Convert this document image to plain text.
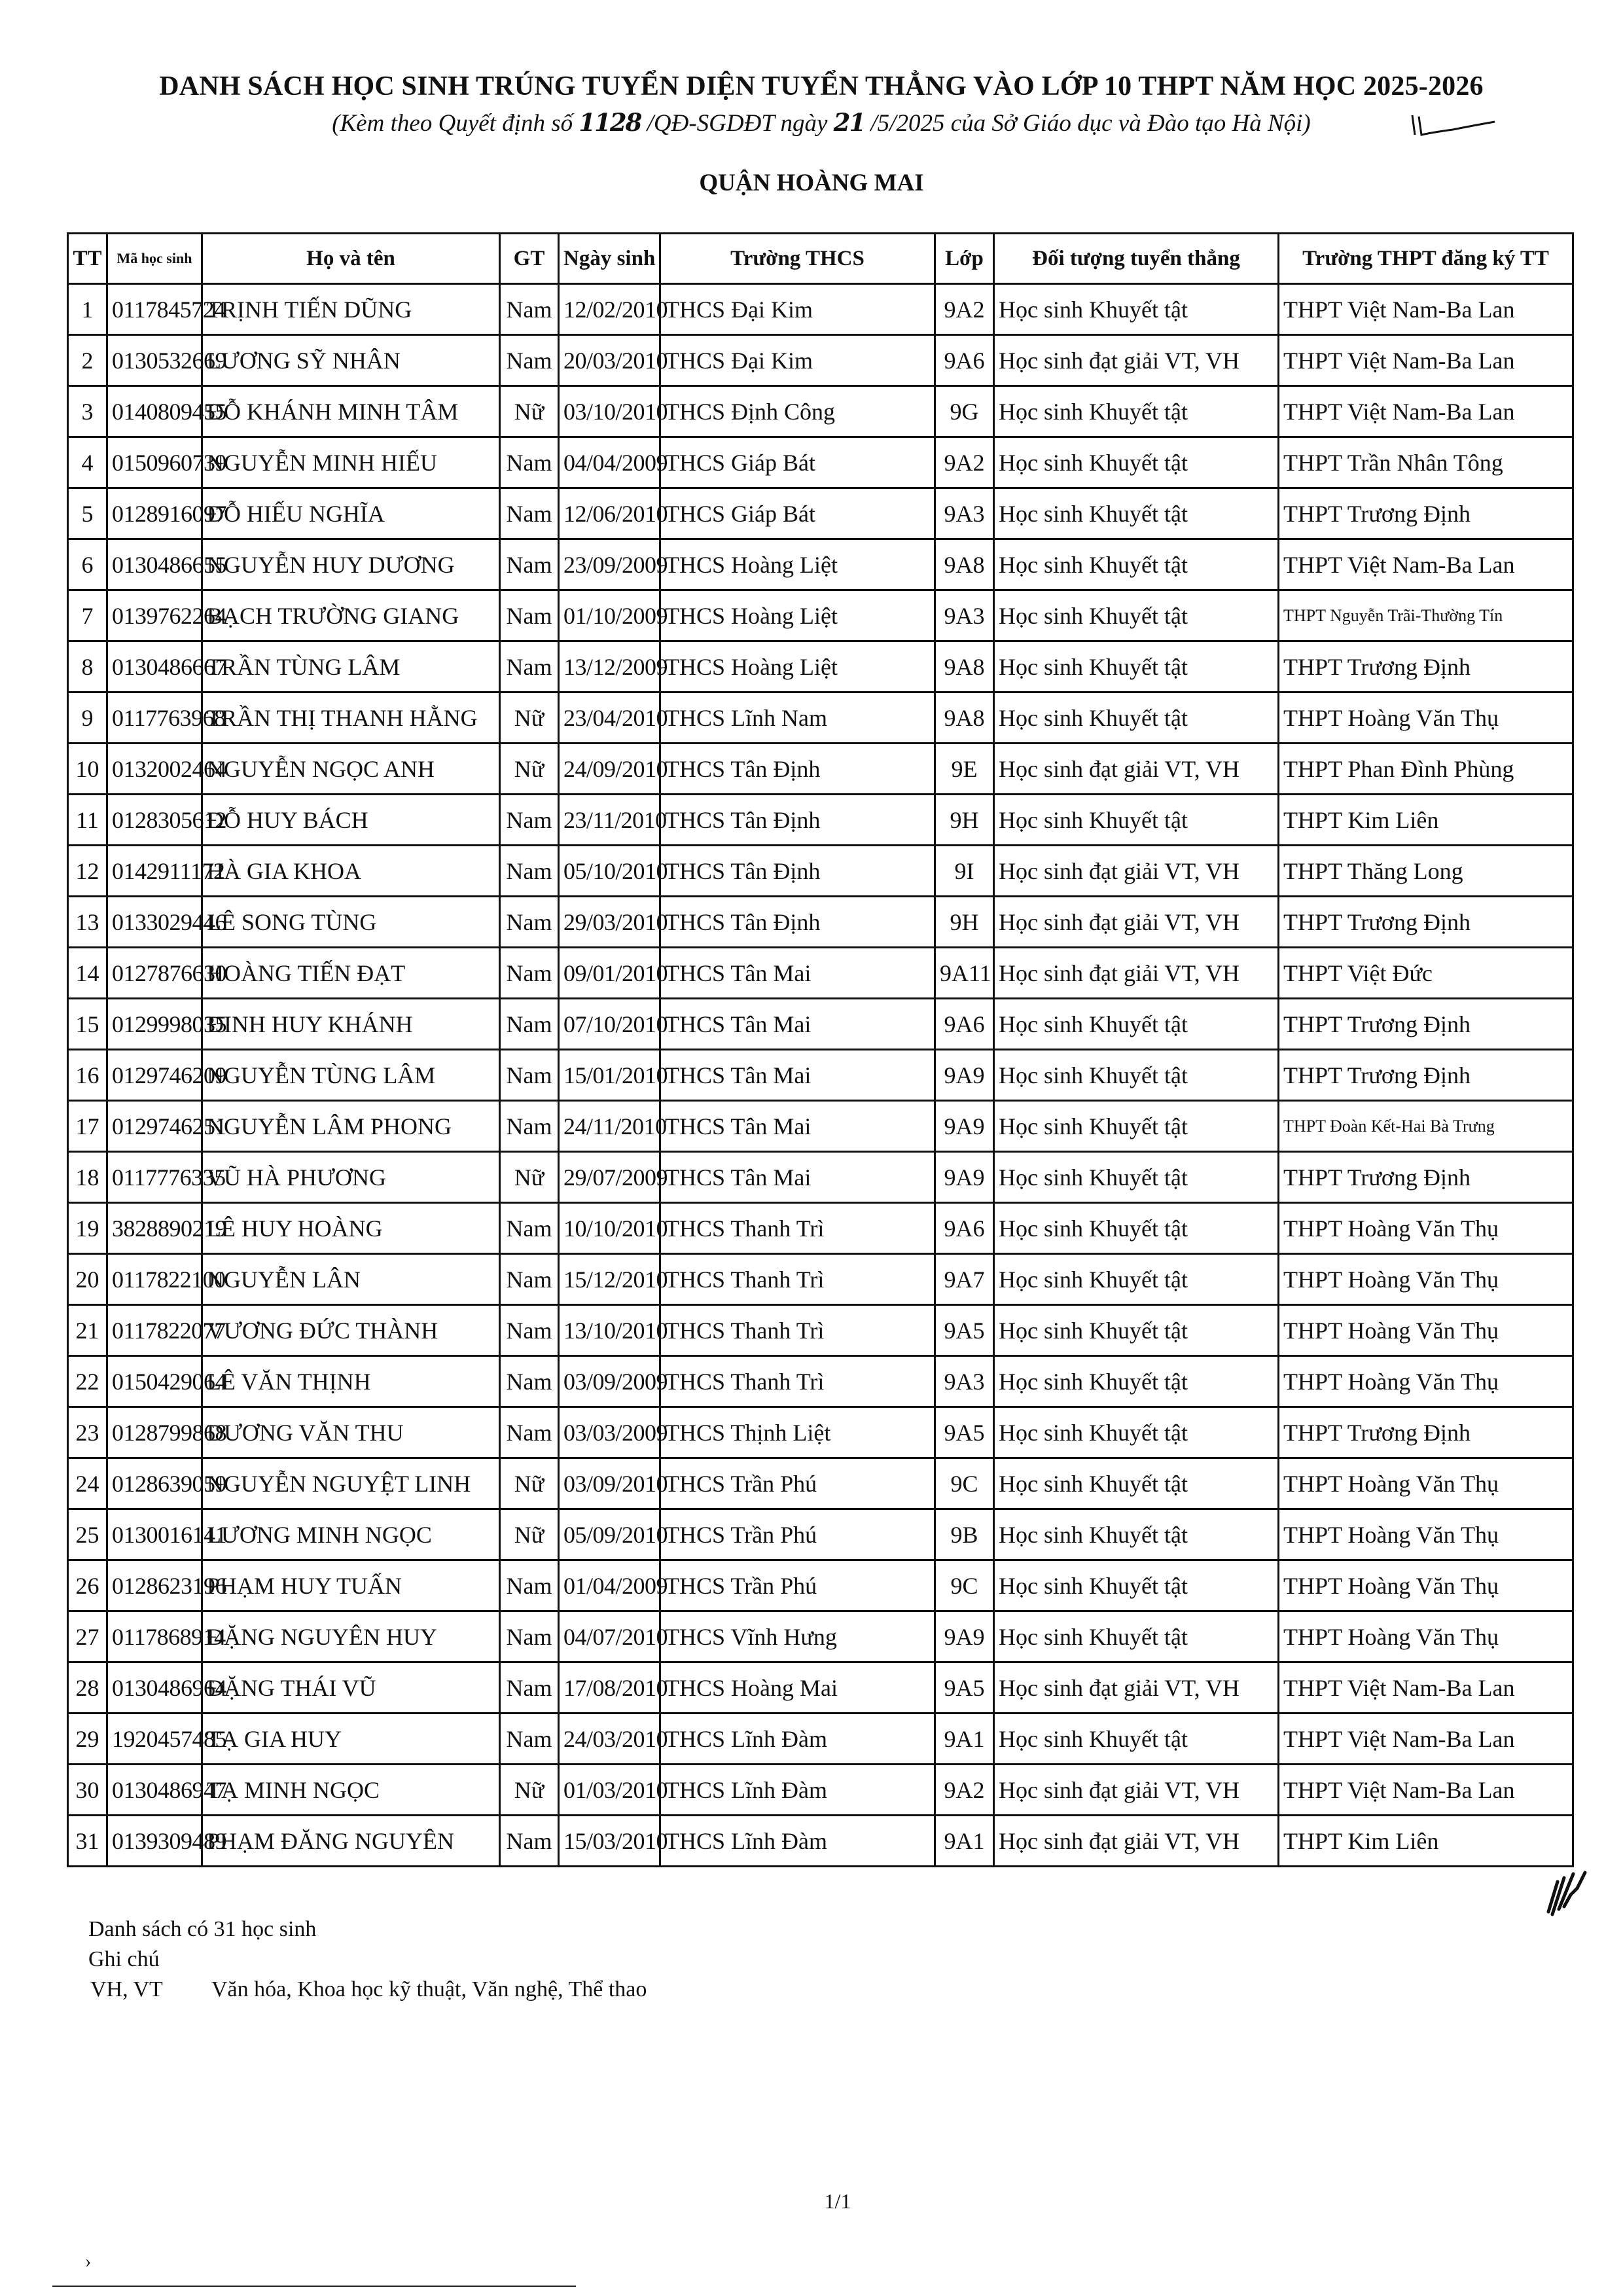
DANH SÁCH HỌC SINH TRÚNG TUYỂN DIỆN TUYỂN THẲNG VÀO LỚP 10 THPT NĂM HỌC 2025-2026
(Kèm theo Quyết định số 1128 /QĐ-SGDĐT ngày 21 /5/2025 của Sở Giáo dục và Đào tạo Hà Nội)
QUẬN HOÀNG MAI
TT	Mã học sinh	Họ và tên	GT	Ngày sinh	Trường THCS	Lớp	Đối tượng tuyển thẳng	Trường THPT đăng ký TT
1	0117845724	TRỊNH TIẾN DŨNG	Nam	12/02/2010	THCS Đại Kim	9A2	Học sinh Khuyết tật	THPT Việt Nam-Ba Lan
2	0130532669	LƯƠNG SỸ NHÂN	Nam	20/03/2010	THCS Đại Kim	9A6	Học sinh đạt giải VT, VH	THPT Việt Nam-Ba Lan
3	0140809455	ĐỖ KHÁNH MINH TÂM	Nữ	03/10/2010	THCS Định Công	9G	Học sinh Khuyết tật	THPT Việt Nam-Ba Lan
4	0150960739	NGUYỄN MINH HIẾU	Nam	04/04/2009	THCS Giáp Bát	9A2	Học sinh Khuyết tật	THPT Trần Nhân Tông
5	0128916097	ĐỖ HIẾU NGHĨA	Nam	12/06/2010	THCS Giáp Bát	9A3	Học sinh Khuyết tật	THPT Trương Định
6	0130486655	NGUYỄN HUY DƯƠNG	Nam	23/09/2009	THCS Hoàng Liệt	9A8	Học sinh Khuyết tật	THPT Việt Nam-Ba Lan
7	0139762264	BẠCH TRƯỜNG GIANG	Nam	01/10/2009	THCS Hoàng Liệt	9A3	Học sinh Khuyết tật	THPT Nguyễn Trãi-Thường Tín
8	0130486667	TRẦN TÙNG LÂM	Nam	13/12/2009	THCS Hoàng Liệt	9A8	Học sinh Khuyết tật	THPT Trương Định
9	0117763968	TRẦN THỊ THANH HẰNG	Nữ	23/04/2010	THCS Lĩnh Nam	9A8	Học sinh Khuyết tật	THPT Hoàng Văn Thụ
10	0132002464	NGUYỄN NGỌC ANH	Nữ	24/09/2010	THCS Tân Định	9E	Học sinh đạt giải VT, VH	THPT Phan Đình Phùng
11	0128305612	ĐỖ HUY BÁCH	Nam	23/11/2010	THCS Tân Định	9H	Học sinh Khuyết tật	THPT Kim Liên
12	0142911172	HÀ GIA KHOA	Nam	05/10/2010	THCS Tân Định	9I	Học sinh đạt giải VT, VH	THPT Thăng Long
13	0133029446	LÊ SONG TÙNG	Nam	29/03/2010	THCS Tân Định	9H	Học sinh đạt giải VT, VH	THPT Trương Định
14	0127876630	HOÀNG TIẾN ĐẠT	Nam	09/01/2010	THCS Tân Mai	9A11	Học sinh đạt giải VT, VH	THPT Việt Đức
15	0129998035	ĐINH HUY KHÁNH	Nam	07/10/2010	THCS Tân Mai	9A6	Học sinh Khuyết tật	THPT Trương Định
16	0129746209	NGUYỄN TÙNG LÂM	Nam	15/01/2010	THCS Tân Mai	9A9	Học sinh Khuyết tật	THPT Trương Định
17	0129746251	NGUYỄN LÂM PHONG	Nam	24/11/2010	THCS Tân Mai	9A9	Học sinh Khuyết tật	THPT Đoàn Kết-Hai Bà Trưng
18	0117776335	VŨ HÀ PHƯƠNG	Nữ	29/07/2009	THCS Tân Mai	9A9	Học sinh Khuyết tật	THPT Trương Định
19	3828890219	LÊ HUY HOÀNG	Nam	10/10/2010	THCS Thanh Trì	9A6	Học sinh Khuyết tật	THPT Hoàng Văn Thụ
20	0117822100	NGUYỄN LÂN	Nam	15/12/2010	THCS Thanh Trì	9A7	Học sinh Khuyết tật	THPT Hoàng Văn Thụ
21	0117822077	VƯƠNG ĐỨC THÀNH	Nam	13/10/2010	THCS Thanh Trì	9A5	Học sinh Khuyết tật	THPT Hoàng Văn Thụ
22	0150429064	LÊ VĂN THỊNH	Nam	03/09/2009	THCS Thanh Trì	9A3	Học sinh Khuyết tật	THPT Hoàng Văn Thụ
23	0128799868	DƯƠNG VĂN THU	Nam	03/03/2009	THCS Thịnh Liệt	9A5	Học sinh Khuyết tật	THPT Trương Định
24	0128639059	NGUYỄN NGUYỆT LINH	Nữ	03/09/2010	THCS Trần Phú	9C	Học sinh Khuyết tật	THPT Hoàng Văn Thụ
25	0130016141	LƯƠNG MINH NGỌC	Nữ	05/09/2010	THCS Trần Phú	9B	Học sinh Khuyết tật	THPT Hoàng Văn Thụ
26	0128623196	PHẠM HUY TUẤN	Nam	01/04/2009	THCS Trần Phú	9C	Học sinh Khuyết tật	THPT Hoàng Văn Thụ
27	0117868914	ĐẶNG NGUYÊN HUY	Nam	04/07/2010	THCS Vĩnh Hưng	9A9	Học sinh Khuyết tật	THPT Hoàng Văn Thụ
28	0130486964	ĐẶNG THÁI VŨ	Nam	17/08/2010	THCS Hoàng Mai	9A5	Học sinh đạt giải VT, VH	THPT Việt Nam-Ba Lan
29	1920457485	TẠ GIA HUY	Nam	24/03/2010	THCS Lĩnh Đàm	9A1	Học sinh Khuyết tật	THPT Việt Nam-Ba Lan
30	0130486947	TẠ MINH NGỌC	Nữ	01/03/2010	THCS Lĩnh Đàm	9A2	Học sinh đạt giải VT, VH	THPT Việt Nam-Ba Lan
31	0139309489	PHẠM ĐĂNG NGUYÊN	Nam	15/03/2010	THCS Lĩnh Đàm	9A1	Học sinh đạt giải VT, VH	THPT Kim Liên
Danh sách có 31 học sinh
Ghi chú
VH, VT Văn hóa, Khoa học kỹ thuật, Văn nghệ, Thể thao
1/1
›
